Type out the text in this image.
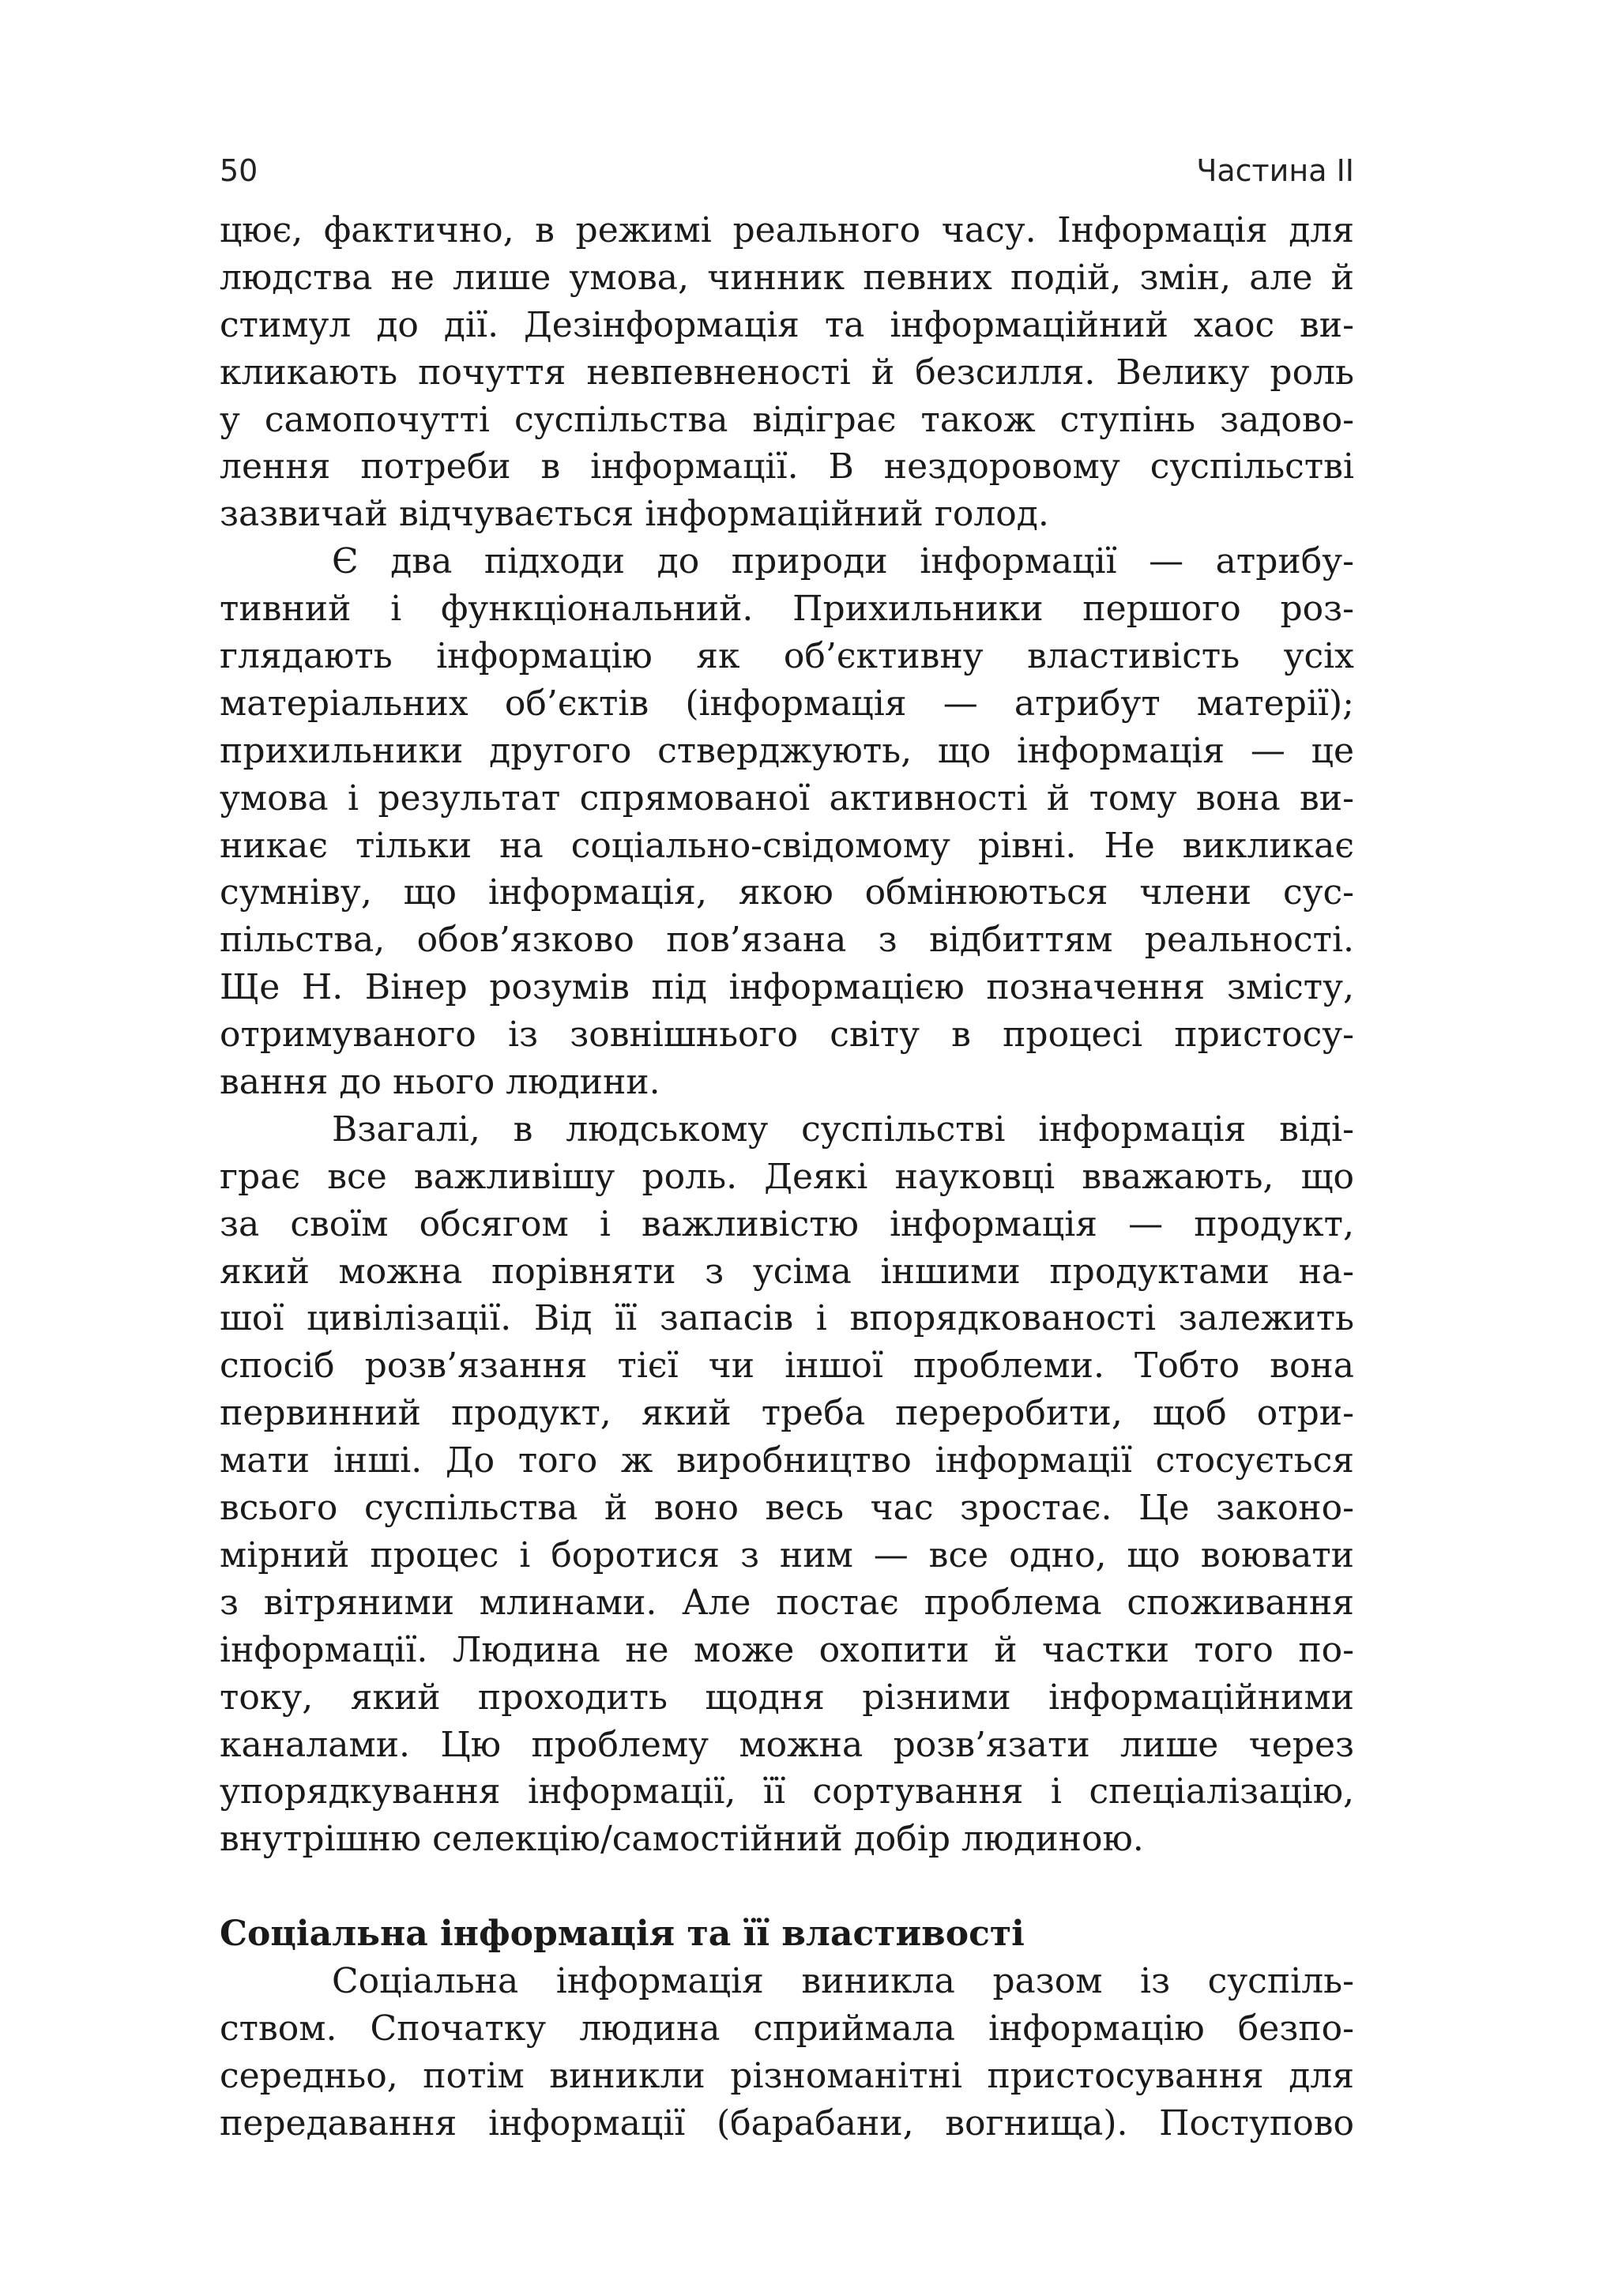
50	Частина II
цює, фактично, в режимі реального часу. Інформація для
людства не лише умова, чинник певних подій, змін, але й
стимул до дії. Дезінформація та інформаційний хаос ви-
кликають почуття невпевненості й безсилля. Велику роль
у самопочутті суспільства відіграє також ступінь задово-
лення потреби в інформації. В нездоровому суспільстві
зазвичай відчувається інформаційний голод.
Є два підходи до природи інформації — атрибу-
тивний і функціональний. Прихильники першого роз-
глядають інформацію як об’єктивну властивість усіх
матеріальних об’єктів (інформація — атрибут матерії);
прихильники другого стверджують, що інформація — це
умова і результат спрямованої активності й тому вона ви-
никає тільки на соціально-свідомому рівні. Не викликає
сумніву, що інформація, якою обмінюються члени сус-
пільства, обов’язково пов’язана з відбиттям реальності.
Ще Н. Вінер розумів під інформацією позначення змісту,
отримуваного із зовнішнього світу в процесі пристосу-
вання до нього людини.
Взагалі, в людському суспільстві інформація віді-
грає все важливішу роль. Деякі науковці вважають, що
за своїм обсягом і важливістю інформація — продукт,
який можна порівняти з усіма іншими продуктами на-
шої цивілізації. Від її запасів і впорядкованості залежить
спосіб розв’язання тієї чи іншої проблеми. Тобто вона
первинний продукт, який треба переробити, щоб отри-
мати інші. До того ж виробництво інформації стосується
всього суспільства й воно весь час зростає. Це законо-
мірний процес і боротися з ним — все одно, що воювати
з вітряними млинами. Але постає проблема споживання
інформації. Людина не може охопити й частки того по-
току, який проходить щодня різними інформаційними
каналами. Цю проблему можна розв’язати лише через
упорядкування інформації, її сортування і спеціалізацію,
внутрішню селекцію/самостійний добір людиною.
Соціальна інформація та її властивості
Соціальна інформація виникла разом із суспіль-
ством. Спочатку людина сприймала інформацію безпо-
середньо, потім виникли різноманітні пристосування для
передавання інформації (барабани, вогнища). Поступово
